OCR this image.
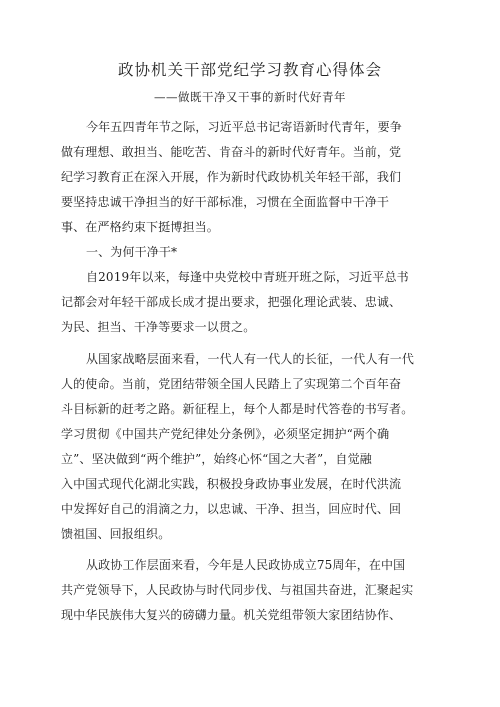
政协机关干部党纪学习教育心得体会
——做既干净又干事的新时代好青年
今年五四青年节之际，习近平总书记寄语新时代青年，要争
做有理想、敢担当、能吃苦、肯奋斗的新时代好青年。当前，党
纪学习教育正在深入开展，作为新时代政协机关年轻干部，我们
要坚持忠诚干净担当的好干部标准，习惯在全面监督中干净干
事、在严格约束下挺博担当。
一、为何干净干*
自2019年以来，每逢中央党校中青班开班之际，习近平总书
记都会对年轻干部成长成才提出要求，把强化理论武装、忠诚、
为民、担当、干净等要求一以贯之。
从国家战略层面来看，一代人有一代人的长征，一代人有一代
人的使命。当前，党团结带领全国人民踏上了实现第二个百年奋
斗目标新的赶考之路。新征程上，每个人都是时代答卷的书写者。
学习贯彻《中国共产党纪律处分条例》，必须坚定拥护“两个确
立”、坚决做到“两个维护”，始终心怀“国之大者”，自觉融
入中国式现代化湖北实践，积极投身政协事业发展，在时代洪流
中发挥好自己的涓滴之力，以忠诚、干净、担当，回应时代、回
馈祖国、回报组织。
从政协工作层面来看，今年是人民政协成立75周年，在中国
共产党领导下，人民政协与时代同步伐、与祖国共奋进，汇聚起实
现中华民族伟大复兴的磅礴力量。机关党组带领大家团结协作、
